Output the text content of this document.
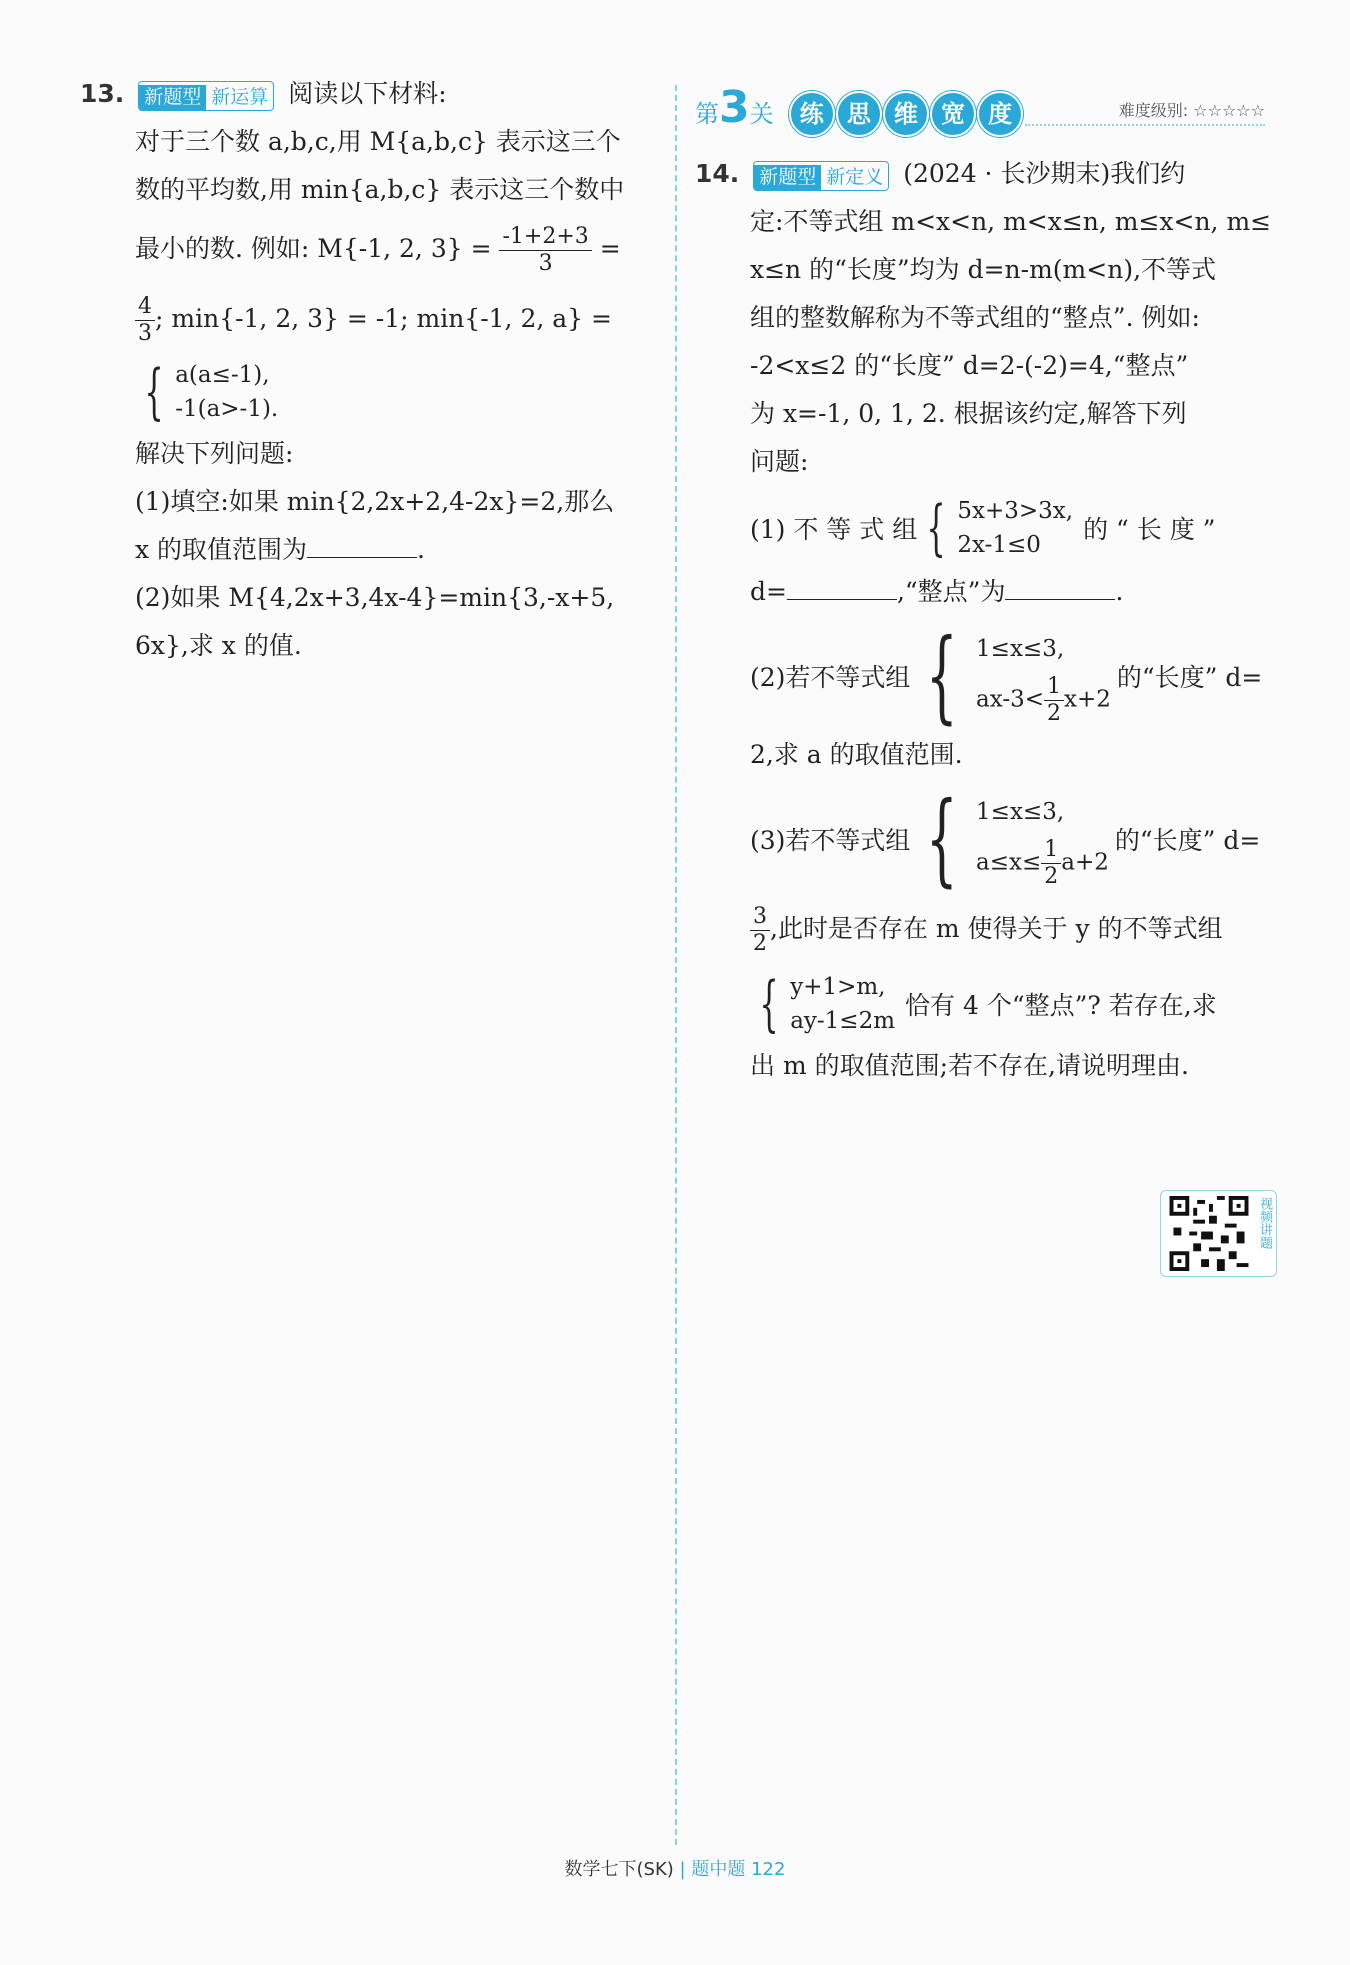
13. 新题型 新运算 阅读以下材料:
对于三个数 a,b,c,用 M{a,b,c} 表示这三个
数的平均数,用 min{a,b,c} 表示这三个数中
最小的数. 例如: M{-1, 2, $3\} = \frac{-1+2+3}{3}$ =
$\frac{4}{3}$ ; min{-1, 2, 3} = -1; min{-1, 2, a} =
{ a(a≤-1),
-1(a>-1).
解决下列问题:
(1)填空:如果 min{2,2x+2,4-2x}=2,那么
x 的取值范围为	.
(2)如果 M{4,2x+3,4x-4}=min{3,-x+5,
6x},求 x 的值.
第3关 练 思 维 宽 度	难度级别: ☆☆☆☆☆
14. 新题型 新定义 (2024 · 长沙期末)我们约
定:不等式组 m<x<n, m<x≤n, m≤x<n, m≤
x≤n 的“长度”均为 d=n-m(m<n),不等式
组的整数解称为不等式组的“整点”. 例如:
-2<x≤2 的“长度” d=2-(-2)=4,“整点”
为 x=-1, 0, 1, 2. 根据该约定,解答下列
问题:
(1) 不 等 式 组 { 5x+3>3x,
2x-1≤0
的 “ 长 度 ”
d=	,“整点”为	.
(2)若不等式组 { 1≤x≤3,
$ax-3< \frac{1}{2} x+2$
的“长度” d=
2,求 a 的取值范围.
(3)若不等式组 { 1≤x≤3,
$a\le x\le \frac{1}{2} a+2$
的“长度” d=
$\frac{3}{2}$ ,此时是否存在 m 使得关于 y 的不等式组
{ y+1>m,
ay-1≤2m
恰有 4 个“整点”? 若存在,求
出 m 的取值范围;若不存在,请说明理由.
视频讲题
数学七下(SK) | 题中题 122
